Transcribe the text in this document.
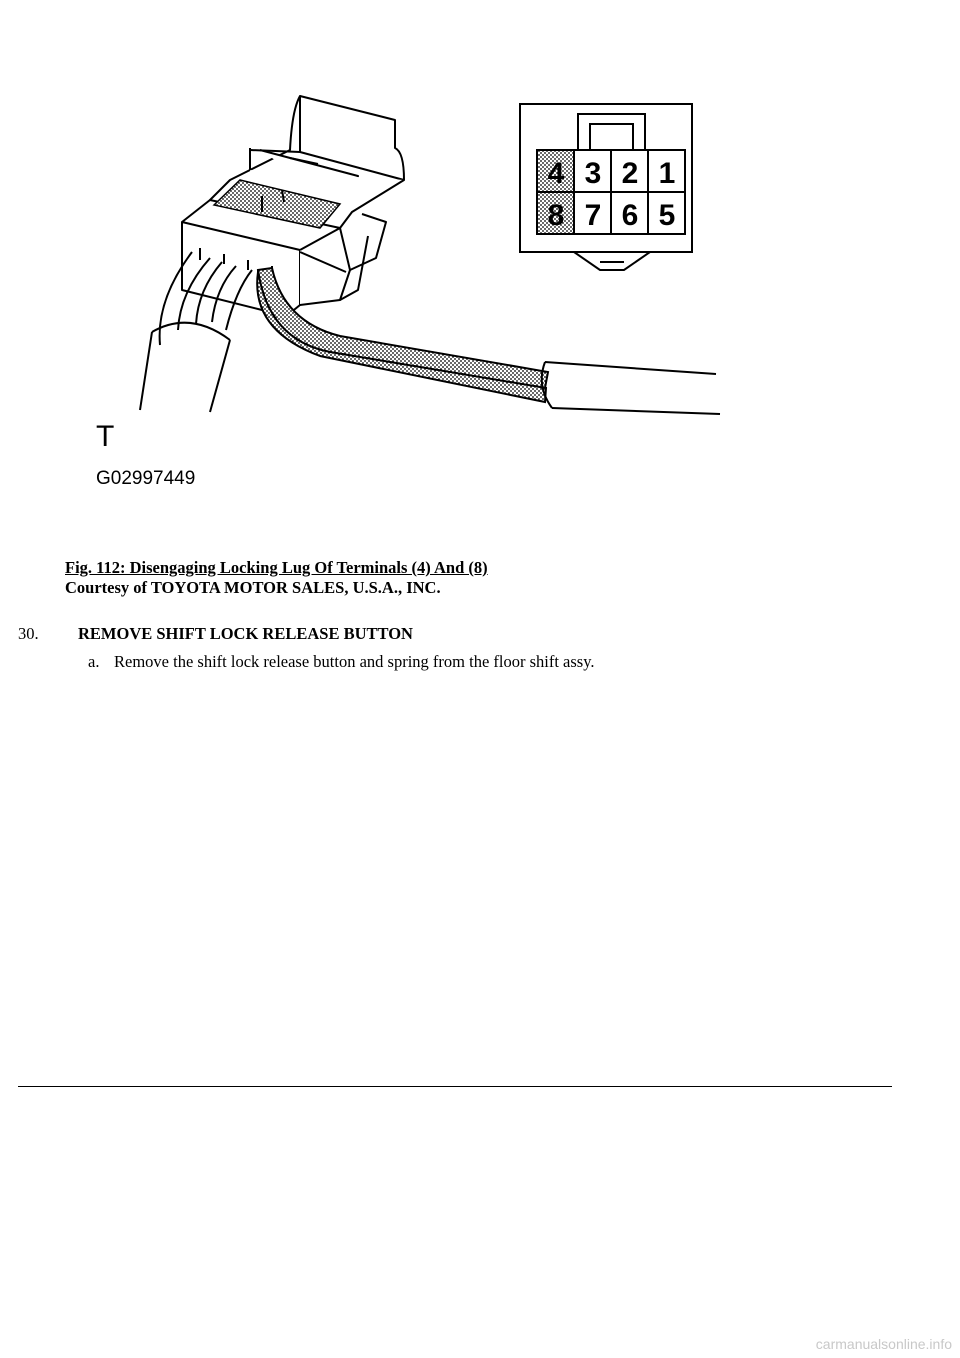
4 3 2 1
8 7 6 5
T
G02997449
Fig. 112: Disengaging Locking Lug Of Terminals (4) And (8)
Courtesy of TOYOTA MOTOR SALES, U.S.A., INC.
30. REMOVE SHIFT LOCK RELEASE BUTTON
a. Remove the shift lock release button and spring from the floor shift assy.
carmanualsonline.info
